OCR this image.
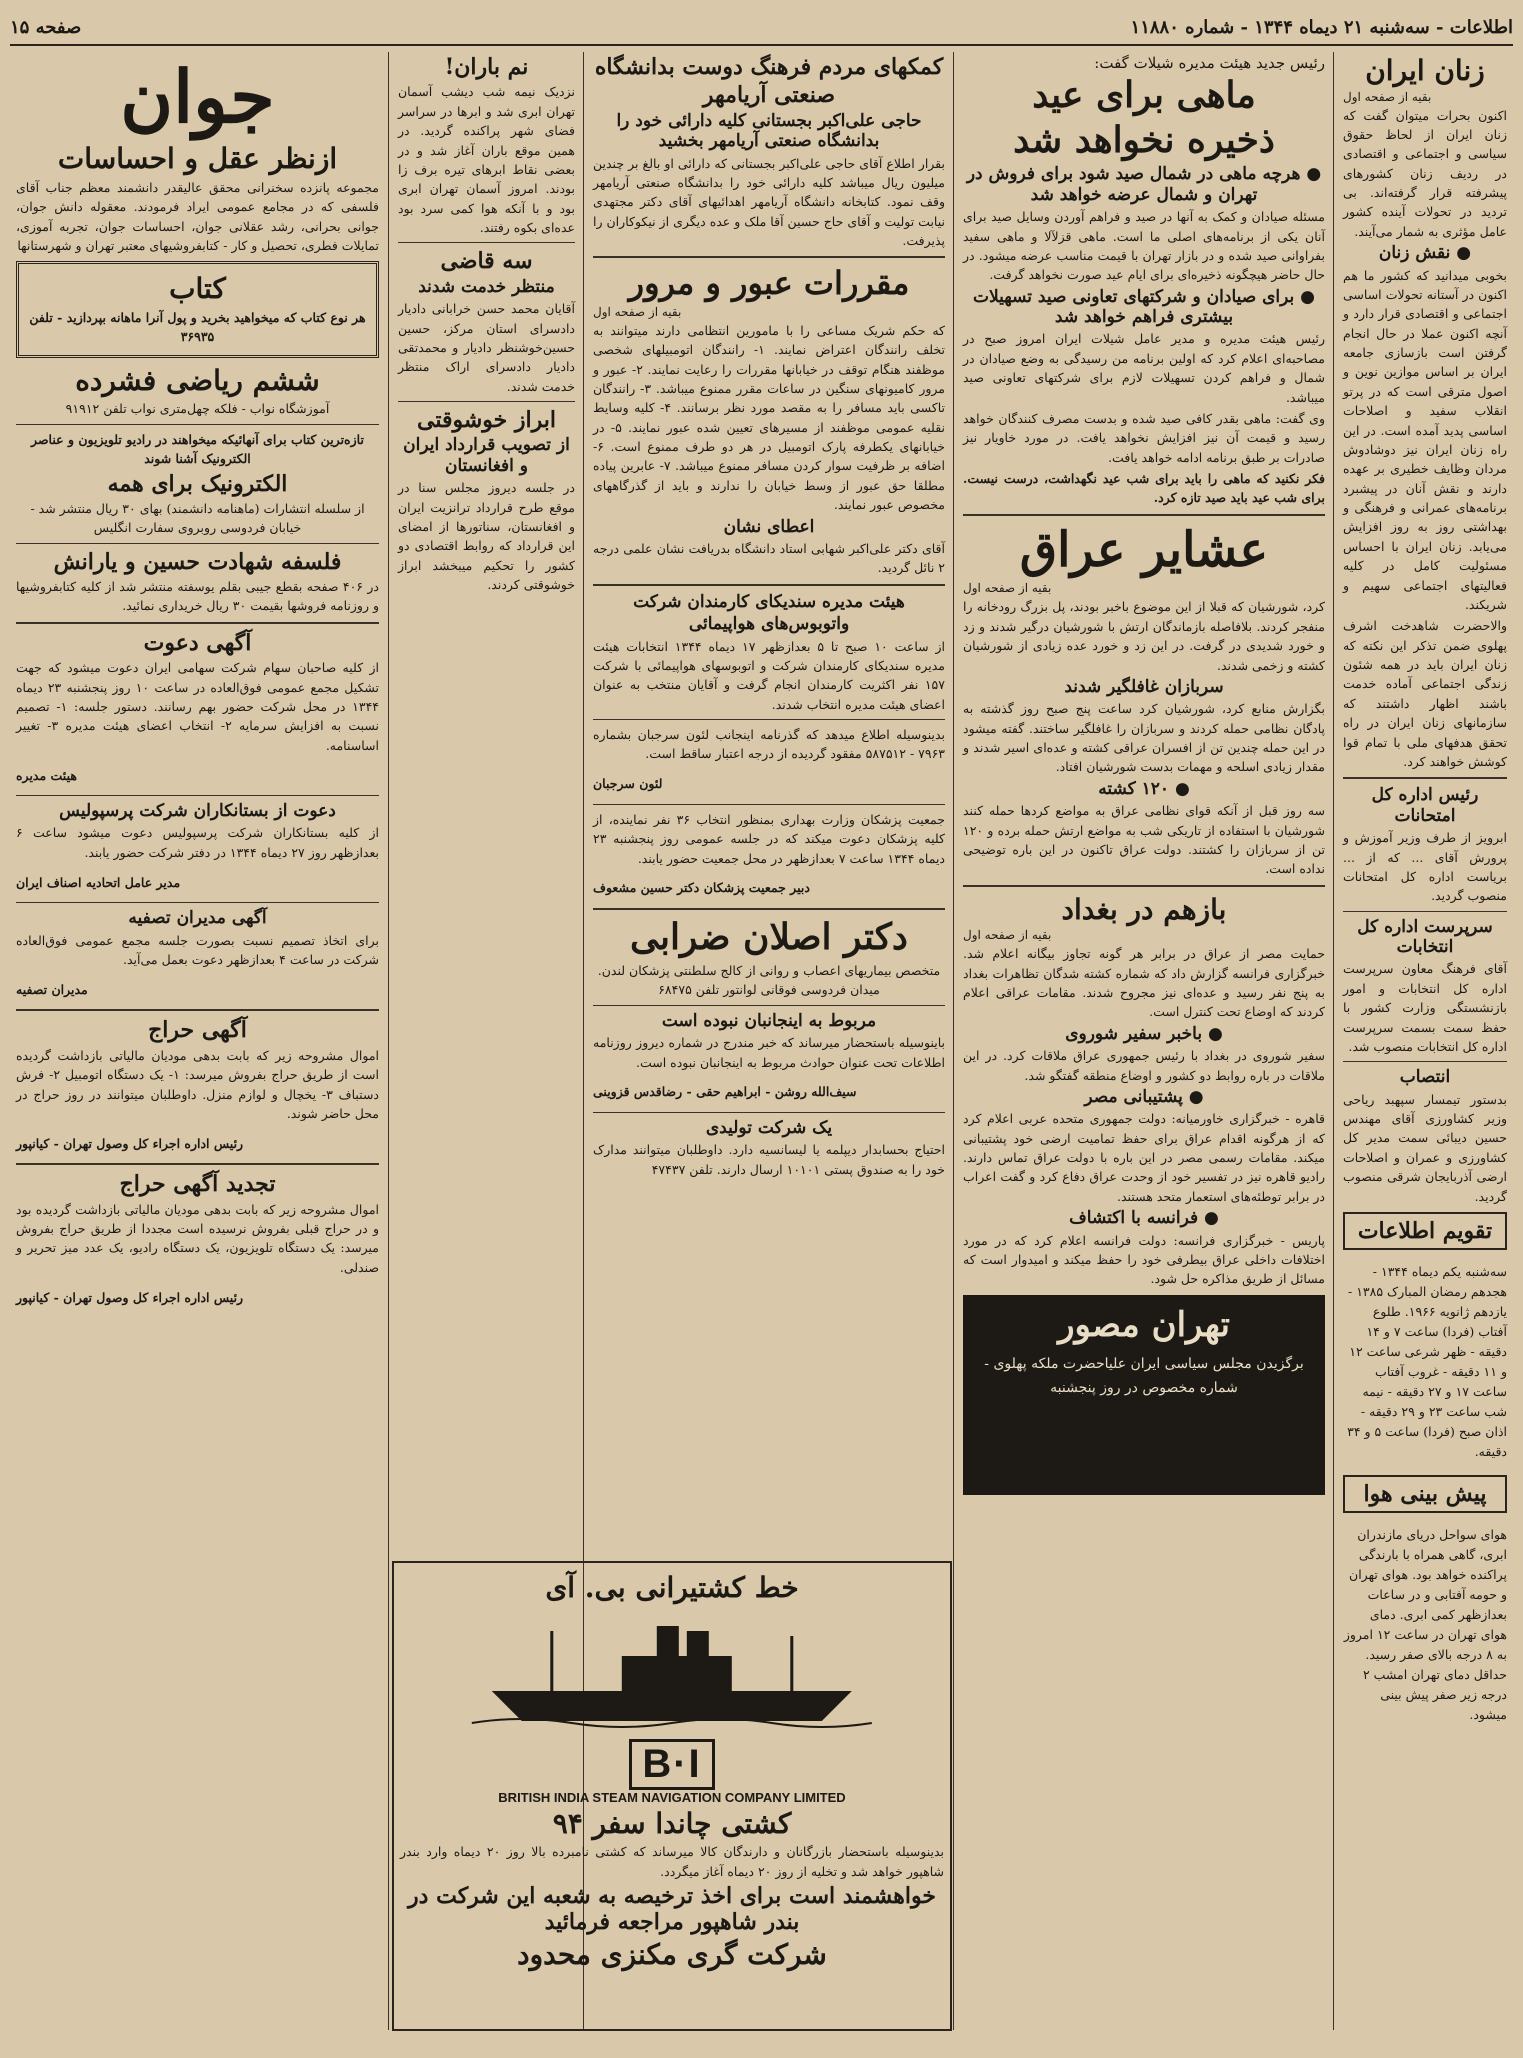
اطلاعات - سه‌شنبه ۲۱ دیماه ۱۳۴۴ - شماره ۱۱۸۸۰
صفحه ۱۵
زنان ایران

بقیه از صفحه اول

اکنون بحرات میتوان گفت که زنان ایران از لحاظ حقوق سیاسی و اجتماعی و اقتصادی در ردیف زنان کشورهای پیشرفته قرار گرفته‌اند. بی تردید در تحولات آینده کشور عامل مؤثری به شمار می‌آیند.

● نقش زنان

بخوبی میدانید که کشور ما هم اکنون در آستانه تحولات اساسی اجتماعی و اقتصادی قرار دارد و آنچه اکنون عملا در حال انجام گرفتن است بازسازی جامعه ایران بر اساس موازین نوین و اصول مترقی است که در پرتو انقلاب سفید و اصلاحات اساسی پدید آمده است. در این راه زنان ایران نیز دوشادوش مردان وظایف خطیری بر عهده دارند و نقش آنان در پیشبرد برنامه‌های عمرانی و فرهنگی و بهداشتی روز به روز افزایش می‌یابد. زنان ایران با احساس مسئولیت کامل در کلیه فعالیتهای اجتماعی سهیم و شریکند.

والاحضرت شاهدخت اشرف پهلوی ضمن تذکر این نکته که زنان ایران باید در همه شئون زندگی اجتماعی آماده خدمت باشند اظهار داشتند که سازمانهای زنان ایران در راه تحقق هدفهای ملی با تمام قوا کوشش خواهند کرد.

رئیس اداره کل امتحانات

ابرویز از طرف وزیر آموزش و پرورش آقای ... که از ... بریاست اداره کل امتحانات منصوب گردید.

سرپرست اداره کل انتخابات

آقای فرهنگ معاون سرپرست اداره کل انتخابات و امور بازنشستگی وزارت کشور با حفظ سمت بسمت سرپرست اداره کل انتخابات منصوب شد.

انتصاب

بدستور تیمسار سپهبد ریاحی وزیر کشاورزی آقای مهندس حسین دیبائی سمت مدیر کل کشاورزی و عمران و اصلاحات ارضی آذربایجان شرقی منصوب گردید.

تقویم اطلاعات

سه‌شنبه یکم دیماه ۱۳۴۴ - هجدهم رمضان المبارک ۱۳۸۵ - یازدهم ژانویه ۱۹۶۶. طلوع آفتاب (فردا) ساعت ۷ و ۱۴ دقیقه - ظهر شرعی ساعت ۱۲ و ۱۱ دقیقه - غروب آفتاب ساعت ۱۷ و ۲۷ دقیقه - نیمه شب ساعت ۲۳ و ۲۹ دقیقه - اذان صبح (فردا) ساعت ۵ و ۳۴ دقیقه.

پیش بینی هوا

هوای سواحل دریای مازندران ابری، گاهی همراه با بارندگی پراکنده خواهد بود. هوای تهران و حومه آفتابی و در ساعات بعدازظهر کمی ابری. دمای هوای تهران در ساعت ۱۲ امروز به ۸ درجه بالای صفر رسید. حداقل دمای تهران امشب ۲ درجه زیر صفر پیش بینی میشود.

رئیس جدید هیئت مدیره شیلات گفت:

ماهی برای عید
ذخیره نخواهد شد
● هرچه ماهی در شمال صید شود برای فروش در تهران و شمال عرضه خواهد شد

مسئله صیادان و کمک به آنها در صید و فراهم آوردن وسایل صید برای آنان یکی از برنامه‌های اصلی ما است. ماهی قزلآلا و ماهی سفید بفراوانی صید شده و در بازار تهران با قیمت مناسب عرضه میشود. در حال حاضر هیچگونه ذخیره‌ای برای ایام عید صورت نخواهد گرفت.

● برای صیادان و شرکتهای تعاونی صید تسهیلات بیشتری فراهم خواهد شد

رئیس هیئت مدیره و مدیر عامل شیلات ایران امروز صبح در مصاحبه‌ای اعلام کرد که اولین برنامه من رسیدگی به وضع صیادان در شمال و فراهم کردن تسهیلات لازم برای شرکتهای تعاونی صید میباشد.

وی گفت: ماهی بقدر کافی صید شده و بدست مصرف کنندگان خواهد رسید و قیمت آن نیز افزایش نخواهد یافت. در مورد خاویار نیز صادرات بر طبق برنامه ادامه خواهد یافت.

فکر نکنید که ماهی را باید برای شب عید نگهداشت، درست نیست. برای شب عید باید صید تازه کرد.

عشایر عراق

بقیه از صفحه اول

کرد، شورشیان که قبلا از این موضوع باخبر بودند، پل بزرگ رودخانه را منفجر کردند. بلافاصله بازماندگان ارتش با شورشیان درگیر شدند و زد و خورد شدیدی در گرفت. در این زد و خورد عده زیادی از شورشیان کشته و زخمی شدند.

سربازان غافلگیر شدند

بگزارش منابع کرد، شورشیان کرد ساعت پنج صبح روز گذشته به پادگان نظامی حمله کردند و سربازان را غافلگیر ساختند. گفته میشود در این حمله چندین تن از افسران عراقی کشته و عده‌ای اسیر شدند و مقدار زیادی اسلحه و مهمات بدست شورشیان افتاد.

● ۱۲۰ کشته

سه روز قبل از آنکه قوای نظامی عراق به مواضع کردها حمله کنند شورشیان با استفاده از تاریکی شب به مواضع ارتش حمله برده و ۱۲۰ تن از سربازان را کشتند. دولت عراق تاکنون در این باره توضیحی نداده است.

بازهم در بغداد

بقیه از صفحه اول

حمایت مصر از عراق در برابر هر گونه تجاوز بیگانه اعلام شد. خبرگزاری فرانسه گزارش داد که شماره کشته شدگان تظاهرات بغداد به پنج نفر رسید و عده‌ای نیز مجروح شدند. مقامات عراقی اعلام کردند که اوضاع تحت کنترل است.

● باخبر سفیر شوروی

سفیر شوروی در بغداد با رئیس جمهوری عراق ملاقات کرد. در این ملاقات در باره روابط دو کشور و اوضاع منطقه گفتگو شد.

● پشتیبانی مصر

قاهره - خبرگزاری خاورمیانه: دولت جمهوری متحده عربی اعلام کرد که از هرگونه اقدام عراق برای حفظ تمامیت ارضی خود پشتیبانی میکند. مقامات رسمی مصر در این باره با دولت عراق تماس دارند. رادیو قاهره نیز در تفسیر خود از وحدت عراق دفاع کرد و گفت اعراب در برابر توطئه‌های استعمار متحد هستند.

● فرانسه با اکتشاف

پاریس - خبرگزاری فرانسه: دولت فرانسه اعلام کرد که در مورد اختلافات داخلی عراق بیطرفی خود را حفظ میکند و امیدوار است که مسائل از طریق مذاکره حل شود.

تهران مصور
برگزیدن مجلس سیاسی ایران علیاحضرت ملکه پهلوی - شماره مخصوص در روز پنجشنبه
کمکهای مردم فرهنگ دوست بدانشگاه
صنعتی آریامهر
حاجی علی‌اکبر بجستانی کلیه دارائی خود را بدانشگاه صنعتی آریامهر بخشید

بقرار اطلاع آقای حاجی علی‌اکبر بجستانی که دارائی او بالغ بر چندین میلیون ریال میباشد کلیه دارائی خود را بدانشگاه صنعتی آریامهر وقف نمود. کتابخانه دانشگاه آریامهر اهدائیهای آقای دکتر مجتهدی نیابت تولیت و آقای حاج حسین آقا ملک و عده دیگری از نیکوکاران را پذیرفت.

مقررات عبور و مرور

بقیه از صفحه اول

که حکم شریک مساعی را با مامورین انتظامی دارند میتوانند به تخلف رانندگان اعتراض نمایند. ۱- رانندگان اتومبیلهای شخصی موظفند هنگام توقف در خیابانها مقررات را رعایت نمایند. ۲- عبور و مرور کامیونهای سنگین در ساعات مقرر ممنوع میباشد. ۳- رانندگان تاکسی باید مسافر را به مقصد مورد نظر برسانند. ۴- کلیه وسایط نقلیه عمومی موظفند از مسیرهای تعیین شده عبور نمایند. ۵- در خیابانهای یکطرفه پارک اتومبیل در هر دو طرف ممنوع است. ۶- اضافه بر ظرفیت سوار کردن مسافر ممنوع میباشد. ۷- عابرین پیاده مطلقا حق عبور از وسط خیابان را ندارند و باید از گذرگاههای مخصوص عبور نمایند.

اعطای نشان

آقای دکتر علی‌اکبر شهابی استاد دانشگاه بدریافت نشان علمی درجه ۲ نائل گردید.

هیئت مدیره سندیکای کارمندان شرکت
واتوبوس‌های هواپیمائی

از ساعت ۱۰ صبح تا ۵ بعدازظهر ۱۷ دیماه ۱۳۴۴ انتخابات هیئت مدیره سندیکای کارمندان شرکت و اتوبوسهای هواپیمائی با شرکت ۱۵۷ نفر اکثریت کارمندان انجام گرفت و آقایان منتخب به عنوان اعضای هیئت مدیره انتخاب شدند.

بدینوسیله اطلاع میدهد که گذرنامه اینجانب لئون سرجبان بشماره ۷۹۶۳ - ۵۸۷۵۱۲ مفقود گردیده از درجه اعتبار ساقط است.

لئون سرجبان

جمعیت پزشکان وزارت بهداری بمنظور انتخاب ۳۶ نفر نماینده، از کلیه پزشکان دعوت میکند که در جلسه عمومی روز پنجشنبه ۲۳ دیماه ۱۳۴۴ ساعت ۷ بعدازظهر در محل جمعیت حضور یابند.

دبیر جمعیت پزشکان دکتر حسین مشعوف

دکتر اصلان ضرابی

متخصص بیماریهای اعصاب و روانی از کالج سلطنتی پزشکان لندن. میدان فردوسی فوقانی لوانتور تلفن ۶۸۴۷۵

مربوط به اینجانبان نبوده است

باینوسیله باستحضار میرساند که خبر مندرج در شماره دیروز روزنامه اطلاعات تحت عنوان حوادث مربوط به اینجانبان نبوده است.

سیف‌الله روشن - ابراهیم حقی - رضاقدس قزوینی

یک شرکت تولیدی

احتیاج بحسابدار دیپلمه یا لیسانسیه دارد. داوطلبان میتوانند مدارک خود را به صندوق پستی ۱۰۱۰۱ ارسال دارند. تلفن ۴۷۴۳۷

نم باران!

نزدیک نیمه شب دیشب آسمان تهران ابری شد و ابرها در سراسر فضای شهر پراکنده گردید. در همین موقع باران آغاز شد و در بعضی نقاط ابرهای تیره برف زا بودند. امروز آسمان تهران ابری بود و با آنکه هوا کمی سرد بود عده‌ای بکوه رفتند.

سه قاضی
منتظر خدمت شدند

آقایان محمد حسن خرابانی دادیار دادسرای استان مرکز، حسین حسین‌خوشنظر دادیار و محمدتقی دادیار دادسرای اراک منتظر خدمت شدند.

ابراز خوشوقتی
از تصویب قرارداد ایران و افغانستان

در جلسه دیروز مجلس سنا در موقع طرح قرارداد ترانزیت ایران و افغانستان، سناتورها از امضای این قرارداد که روابط اقتصادی دو کشور را تحکیم میبخشد ابراز خوشوقتی کردند.

خط کشتیرانی بی. آی
B·I
BRITISH INDIA STEAM NAVIGATION COMPANY LIMITED
کشتی چاندا سفر ۹۴

بدینوسیله باستحضار بازرگانان و دارندگان کالا میرساند که کشتی نامبرده بالا روز ۲۰ دیماه وارد بندر شاهپور خواهد شد و تخلیه از روز ۲۰ دیماه آغاز میگردد.

خواهشمند است برای اخذ ترخیصه به شعبه این شرکت در بندر شاهپور مراجعه فرمائید
شرکت گری مکنزی محدود
جوان
ازنظر عقل و احساسات

مجموعه پانزده سخنرانی محقق عالیقدر دانشمند معظم جناب آقای فلسفی که در مجامع عمومی ایراد فرمودند. معقوله دانش جوان، جوانی بحرانی، رشد عقلانی جوان، احساسات جوان، تجربه آموزی، تمایلات فطری، تحصیل و کار - کتابفروشیهای معتبر تهران و شهرستانها

کتاب

هر نوع کتاب که میخواهید بخرید و پول آنرا ماهانه بپردازید - تلفن ۳۶۹۳۵

ششم ریاضی فشرده

آموزشگاه نواب - فلکه چهل‌متری نواب تلفن ۹۱۹۱۲

تازه‌ترین کتاب برای آنهائیکه میخواهند در رادیو تلویزیون و عناصر الکترونیک آشنا شوند

الکترونیک برای همه

از سلسله انتشارات (ماهنامه دانشمند) بهای ۳۰ ریال منتشر شد - خیابان فردوسی روبروی سفارت انگلیس

فلسفه شهادت حسین و یارانش

در ۴۰۶ صفحه بقطع جیبی بقلم یوسفته منتشر شد از کلیه کتابفروشیها و روزنامه فروشها بقیمت ۳۰ ریال خریداری نمائید.

آگهی دعوت

از کلیه صاحبان سهام شرکت سهامی ایران دعوت میشود که جهت تشکیل مجمع عمومی فوق‌العاده در ساعت ۱۰ روز پنجشنبه ۲۳ دیماه ۱۳۴۴ در محل شرکت حضور بهم رسانند. دستور جلسه: ۱- تصمیم نسبت به افزایش سرمایه ۲- انتخاب اعضای هیئت مدیره ۳- تغییر اساسنامه.

هیئت مدیره

دعوت از بستانکاران شرکت پرسپولیس

از کلیه بستانکاران شرکت پرسپولیس دعوت میشود ساعت ۶ بعدازظهر روز ۲۷ دیماه ۱۳۴۴ در دفتر شرکت حضور یابند.

مدیر عامل اتحادیه اصناف ایران

آگهی مدیران تصفیه

برای اتخاذ تصمیم نسبت بصورت جلسه مجمع عمومی فوق‌العاده شرکت در ساعت ۴ بعدازظهر دعوت بعمل می‌آید.

مدیران تصفیه

آگهی حراج

اموال مشروحه زیر که بابت بدهی مودیان مالیاتی بازداشت گردیده است از طریق حراج بفروش میرسد: ۱- یک دستگاه اتومبیل ۲- فرش دستباف ۳- یخچال و لوازم منزل. داوطلبان میتوانند در روز حراج در محل حاضر شوند.

رئیس اداره اجراء کل وصول تهران - کیانپور

تجدید آگهی حراج

اموال مشروحه زیر که بابت بدهی مودیان مالیاتی بازداشت گردیده بود و در حراج قبلی بفروش نرسیده است مجددا از طریق حراج بفروش میرسد: یک دستگاه تلویزیون، یک دستگاه رادیو، یک عدد میز تحریر و صندلی.

رئیس اداره اجراء کل وصول تهران - کیانپور
